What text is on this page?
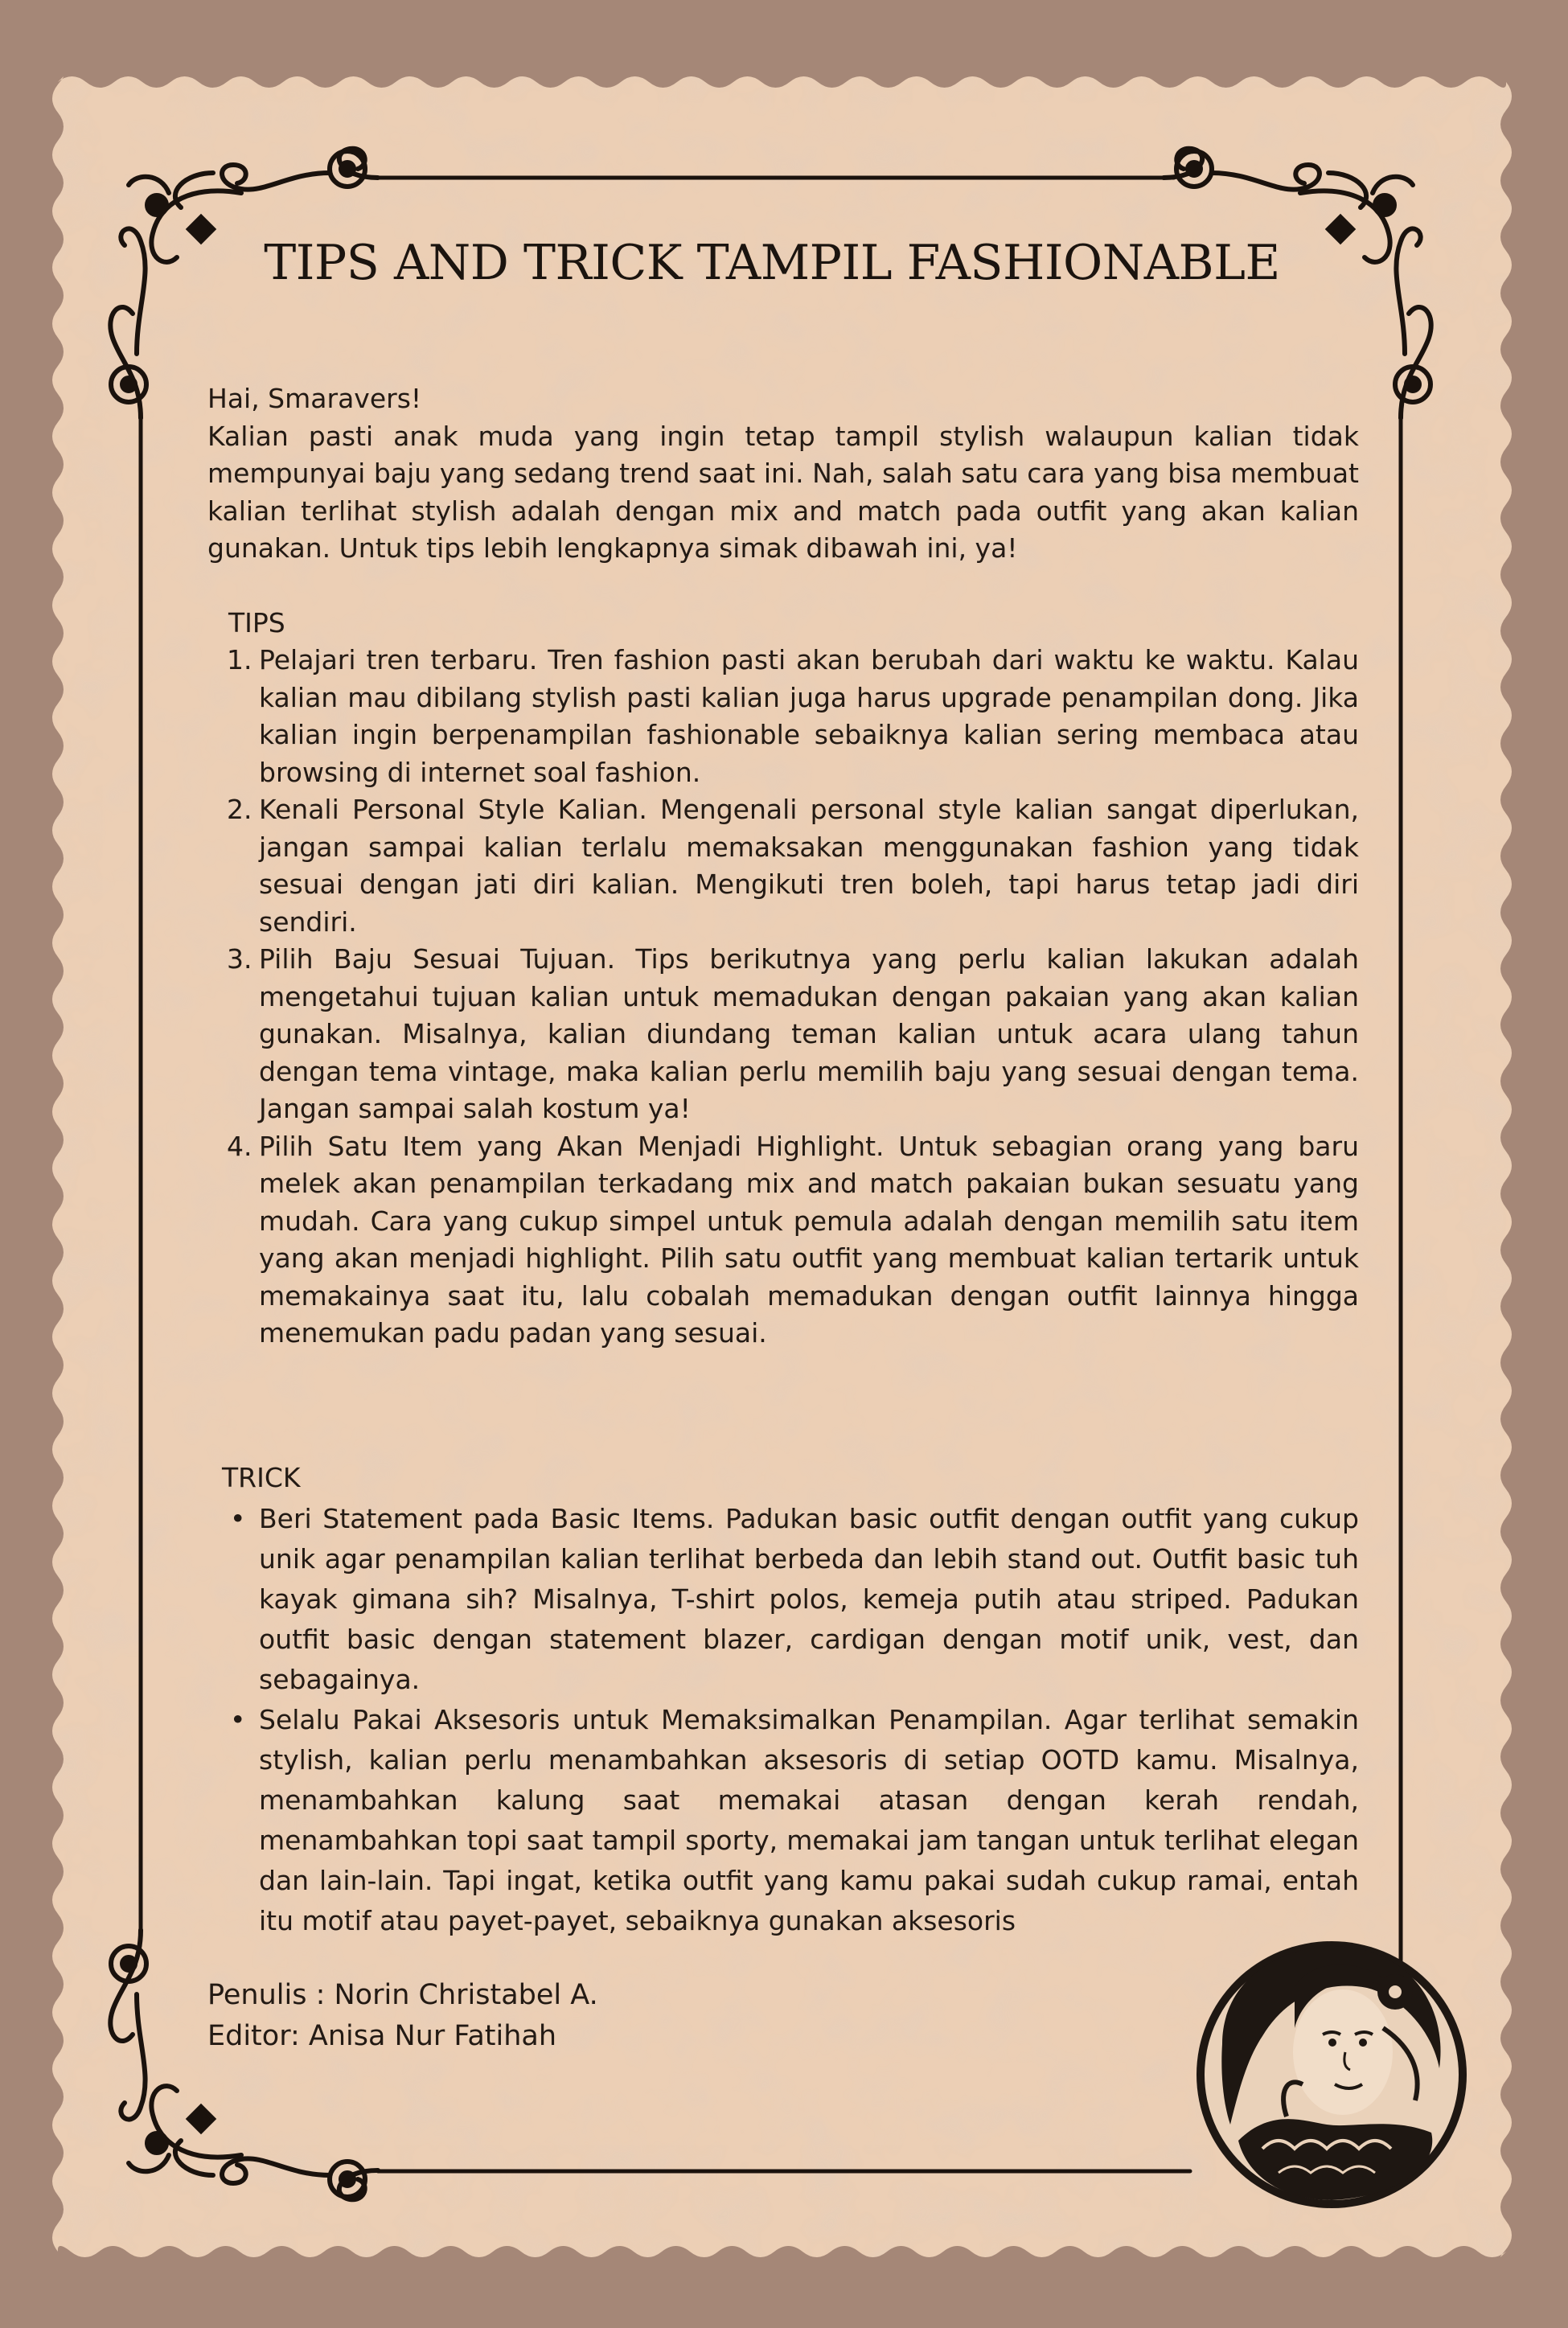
TIPS AND TRICK TAMPIL FASHIONABLE

Hai, Smaravers!

Kalian pasti anak muda yang ingin tetap tampil stylish walaupun kalian tidak mempunyai baju yang sedang trend saat ini. Nah, salah satu cara yang bisa membuat kalian terlihat stylish adalah dengan mix and match pada outfit yang akan kalian gunakan. Untuk tips lebih lengkapnya simak dibawah ini, ya!

TIPS
1. Pelajari tren terbaru. Tren fashion pasti akan berubah dari waktu ke waktu. Kalau kalian mau dibilang stylish pasti kalian juga harus upgrade penampilan dong. Jika kalian ingin berpenampilan fashionable sebaiknya kalian sering membaca atau browsing di internet soal fashion.
2. Kenali Personal Style Kalian. Mengenali personal style kalian sangat diperlukan, jangan sampai kalian terlalu memaksakan menggunakan fashion yang tidak sesuai dengan jati diri kalian. Mengikuti tren boleh, tapi harus tetap jadi diri sendiri.
3. Pilih Baju Sesuai Tujuan. Tips berikutnya yang perlu kalian lakukan adalah mengetahui tujuan kalian untuk memadukan dengan pakaian yang akan kalian gunakan. Misalnya, kalian diundang teman kalian untuk acara ulang tahun dengan tema vintage, maka kalian perlu memilih baju yang sesuai dengan tema. Jangan sampai salah kostum ya!
4. Pilih Satu Item yang Akan Menjadi Highlight. Untuk sebagian orang yang baru melek akan penampilan terkadang mix and match pakaian bukan sesuatu yang mudah. Cara yang cukup simpel untuk pemula adalah dengan memilih satu item yang akan menjadi highlight. Pilih satu outfit yang membuat kalian tertarik untuk memakainya saat itu, lalu cobalah memadukan dengan outfit lainnya hingga menemukan padu padan yang sesuai.
TRICK
• Beri Statement pada Basic Items. Padukan basic outfit dengan outfit yang cukup unik agar penampilan kalian terlihat berbeda dan lebih stand out. Outfit basic tuh kayak gimana sih? Misalnya, T-shirt polos, kemeja putih atau striped. Padukan outfit basic dengan statement blazer, cardigan dengan motif unik, vest, dan sebagainya.
• Selalu Pakai Aksesoris untuk Memaksimalkan Penampilan. Agar terlihat semakin stylish, kalian perlu menambahkan aksesoris di setiap OOTD kamu. Misalnya, menambahkan kalung saat memakai atasan dengan kerah rendah, menambahkan topi saat tampil sporty, memakai jam tangan untuk terlihat elegan dan lain-lain. Tapi ingat, ketika outfit yang kamu pakai sudah cukup ramai, entah itu motif atau payet-payet, sebaiknya gunakan aksesoris
Penulis : Norin Christabel A.
Editor: Anisa Nur Fatihah
